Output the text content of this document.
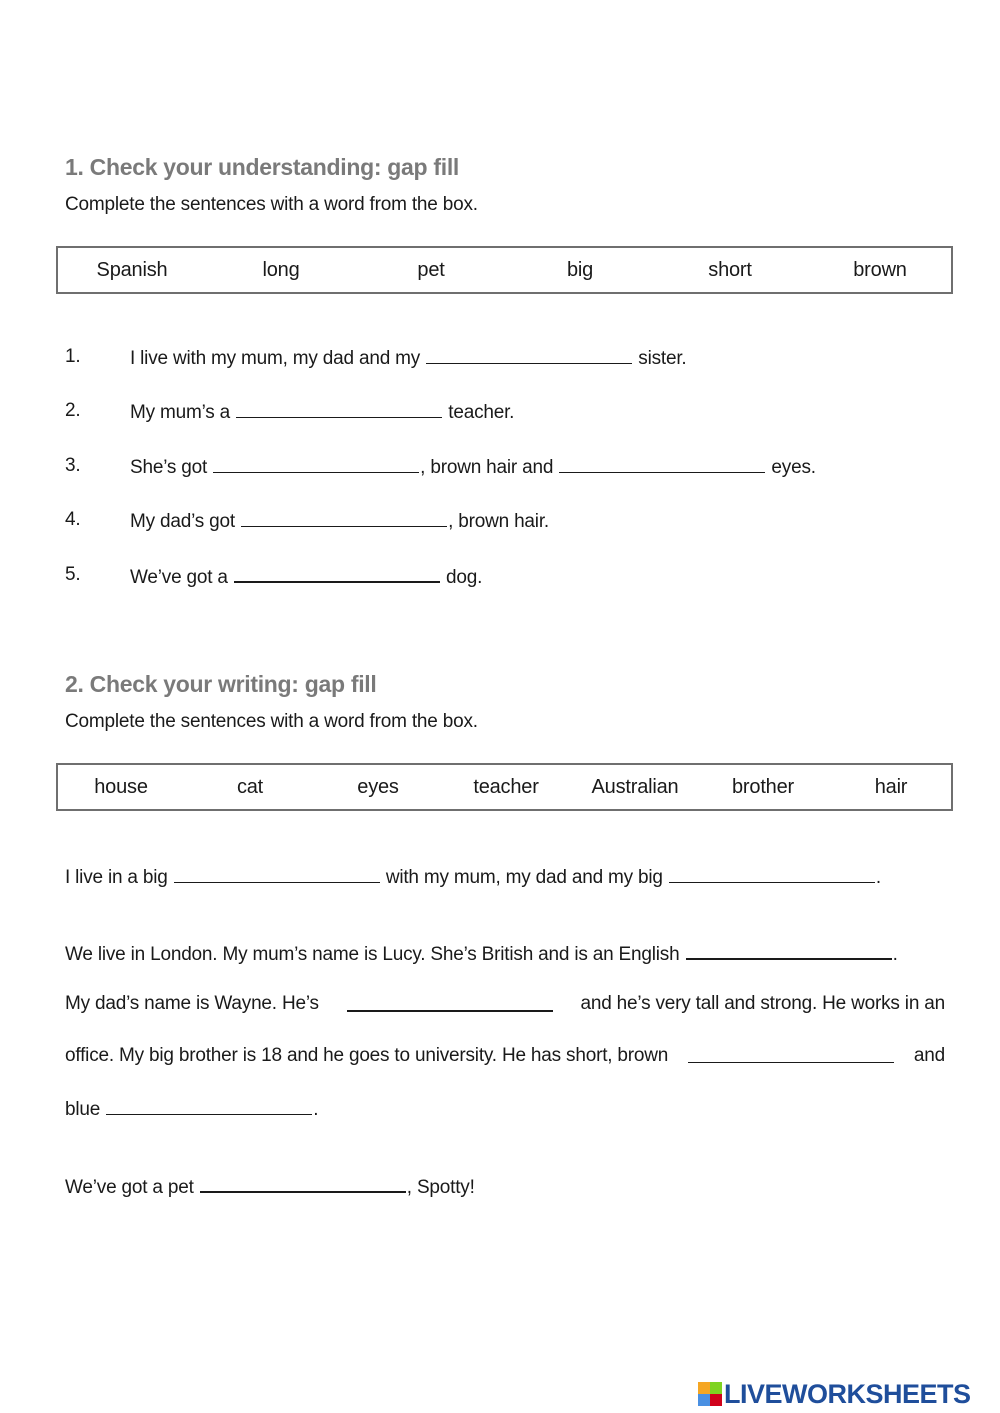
1. Check your understanding: gap fill
Complete the sentences with a word from the box.
Spanish	long	pet	big	short	brown
1.	I live with my mum, my dad and my	sister.
2.	My mum’s a	teacher.
3.	She’s got	, brown hair and	eyes.
4.	My dad’s got	, brown hair.
5.	We’ve got a	dog.
2. Check your writing: gap fill
Complete the sentences with a word from the box.
house	cat	eyes	teacher	Australian	brother	hair
I live in a big	with my mum, my dad and my big	.
We live in London. My mum’s name is Lucy. She’s British and is an English	.
My dad’s name is Wayne. He’s	and he’s very tall and strong. He works in an
office. My big brother is 18 and he goes to university. He has short, brown	and
blue	.
We’ve got a pet	, Spotty!
LIVEWORKSHEETS
